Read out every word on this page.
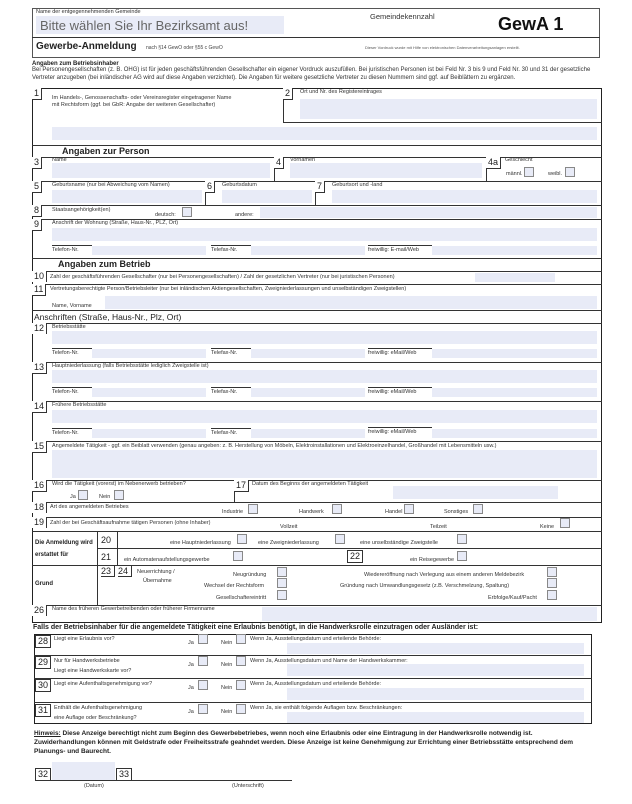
Name der entgegennehmenden Gemeinde
Bitte wählen Sie Ihr Bezirksamt aus!
Gemeindekennzahl	GewA 1
Gewerbe-Anmeldung nach §14 GewO oder §55 c GewO	Dieser Vordruck wurde mit Hilfe von elektronischen Datenverarbeitungsanlagen erstellt.
Angaben zum Betriebsinhaber
Bei Personengesellschaften (z. B. OHG) ist für jeden geschäftsführenden Gesellschafter ein eigener Vordruck auszufüllen. Bei juristischen Personen ist bei Feld Nr. 3 bis 9 und Feld Nr. 30 und 31 der gesetzliche Vertreter anzugeben (bei inländischer AG wird auf diese Angaben verzichtet). Die Angaben für weitere gesetzliche Vertreter zu diesen Nummern sind ggf. auf Beiblättern zu ergänzen.
1	Im Handels-, Genossenschafts- oder Vereinsregister eingetragener Name
mit Rechtsform (ggf. bei GbR: Angabe der weiteren Gesellschafter)
2	Ort und Nr. des Registereintrages
Angaben zur Person
3	Name	4	Vornamen	4a	Geschlecht
männl.	weibl.
5	Geburtsname (nur bei Abweichung vom Namen)	6	Geburtsdatum	7	Geburtsort und -land
8	Staatsangehörigkeit(en)
deutsch:	andere:
9	Anschrift der Wohnung (Straße, Haus-Nr., PLZ, Ort)
Telefon-Nr.	Telefax-Nr.	freiwillig: E-mail/Web
Angaben zum Betrieb
10	Zahl der geschäftsführenden Gesellschafter (nur bei Personengesellschaften) / Zahl der gesetzlichen Vertreter (nur bei juristischen Personen)
11	Vertretungsberechtigte Person/Betriebsleiter (nur bei inländischen Aktiengesellschaften, Zweigniederlassungen und unselbständigen Zweigstellen)
Name, Vorname
Anschriften (Straße, Haus-Nr., Plz, Ort)
12	Betriebsstätte
Telefon-Nr.	Telefax-Nr.	freiwillig: eMail/Web
13	Hauptniederlassung (falls Betriebsstätte lediglich Zweigstelle ist)
Telefon-Nr.	Telefax-Nr.	freiwillig: eMail/Web
14	Frühere Betriebsstätte
Telefon-Nr.	Telefax-Nr.	freiwillig: eMail/Web
15	Angemeldete Tätigkeit - ggf. ein Beiblatt verwenden (genau angeben: z. B. Herstellung von Möbeln, Elektroinstallationen und Elektroeinzelhandel, Großhandel mit Lebensmitteln usw.)
16	Wird die Tätigkeit (vorerst) im Nebenerwerb betrieben?
Ja	Nein
17	Datum des Beginns der angemeldeten Tätigkeit
18	Art des angemeldeten Betriebes
Industrie	Handwerk	Handel	Sonstiges
19	Zahl der bei Geschäftsaufnahme tätigen Personen (ohne Inhaber)
Vollzeit	Teilzeit	Keine
Die Anmeldung wird erstattet für
20	eine Hauptniederlassung	eine Zweigniederlassung	eine unselbständige Zweigstelle
21 ein Automatenaufstellungsgewerbe	22	ein Reisegewerbe
Grund
23 24	Neuerrichtung /
Übernahme
Neugründung
Wechsel der Rechtsform
Gesellschaftereintritt
Wiedereröffnung nach Verlegung aus einem anderen Meldebezirk
Gründung nach Umwandlungsgesetz (z.B. Verschmelzung, Spaltung)
Erbfolge/Kauf/Pacht
26	Name des früheren Gewerbetreibenden oder früherer Firmenname
Falls der Betriebsinhaber für die angemeldete Tätigkeit eine Erlaubnis benötigt, in die Handwerksrolle einzutragen oder Ausländer ist:
28	Liegt eine Erlaubnis vor?
Ja	Nein
Wenn Ja, Ausstellungsdatum und erteilende Behörde:
29	Nur für Handwerksbetriebe
Liegt eine Handwerkskarte vor?
Ja	Nein
Wenn Ja, Ausstellungsdatum und Name der Handwerkskammer:
30	Liegt eine Aufenthaltsgenehmigung vor?
Ja	Nein
Wenn Ja, Ausstellungsdatum und erteilende Behörde:
31	Enthält die Aufenthaltsgenehmigung
eine Auflage oder Beschränkung?
Ja	Nein
Wenn Ja, sie enthält folgende Auflagen bzw. Beschränkungen:
Hinweis: Diese Anzeige berechtigt nicht zum Beginn des Gewerbebetriebes, wenn noch eine Erlaubnis oder eine Eintragung in der Handwerksrolle notwendig ist. Zuwiderhandlungen können mit Geldstrafe oder Freiheitsstrafe geahndet werden. Diese Anzeige ist keine Genehmigung zur Errichtung einer Betriebsstätte entsprechend dem Planungs- und Baurecht.
32	33
(Datum)	(Unterschrift)
